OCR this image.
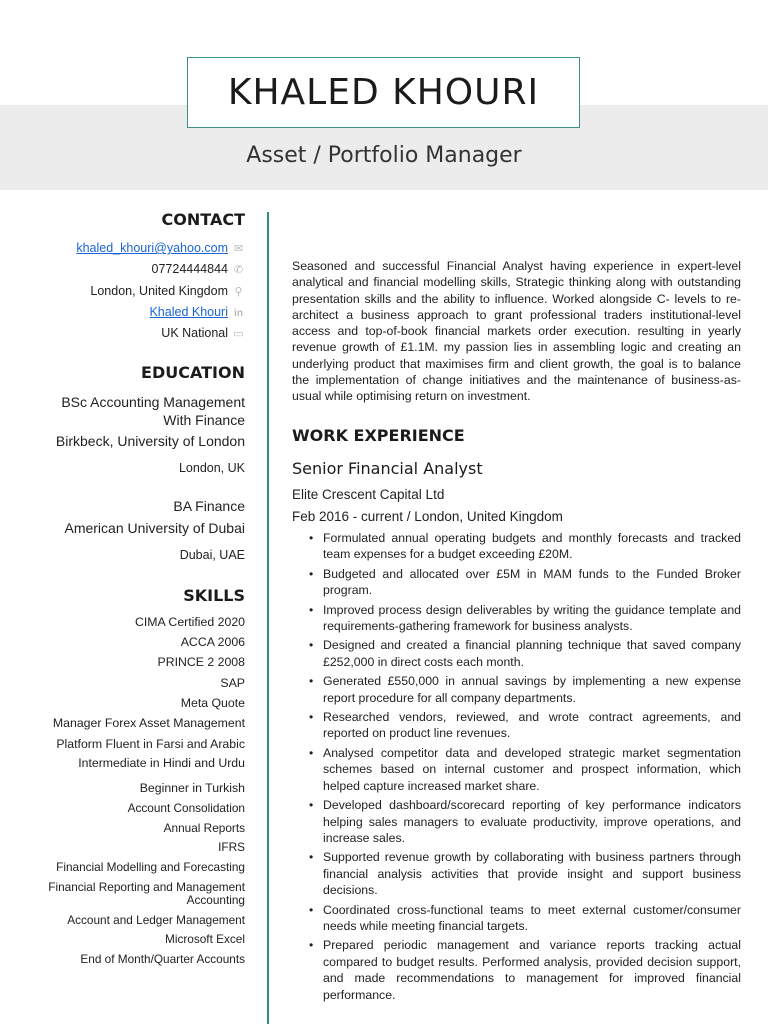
KHALED KHOURI
Asset / Portfolio Manager
CONTACT
khaled_khouri@yahoo.com ✉
07724444844 ✆
London, United Kingdom ⚲
Khaled Khouri in
UK National ▭
EDUCATION
BSc Accounting Management
With Finance
Birkbeck, University of London
London, UK
BA Finance
American University of Dubai
Dubai, UAE
SKILLS
CIMA Certified 2020
ACCA 2006
PRINCE 2 2008
SAP
Meta Quote
Manager Forex Asset Management
Platform Fluent in Farsi and Arabic
Intermediate in Hindi and Urdu
Beginner in Turkish
Account Consolidation
Annual Reports
IFRS
Financial Modelling and Forecasting
Financial Reporting and Management
Accounting
Account and Ledger Management
Microsoft Excel
End of Month/Quarter Accounts
Seasoned and successful Financial Analyst having experience in expert-level analytical and financial modelling skills, Strategic thinking along with outstanding presentation skills and the ability to influence. Worked alongside C- levels to re-architect a business approach to grant professional traders institutional-level access and top-of-book financial markets order execution. resulting in yearly revenue growth of £1.1M. my passion lies in assembling logic and creating an underlying product that maximises firm and client growth, the goal is to balance the implementation of change initiatives and the maintenance of business-as-usual while optimising return on investment.
WORK EXPERIENCE
Senior Financial Analyst
Elite Crescent Capital Ltd
Feb 2016 - current / London, United Kingdom
• Formulated annual operating budgets and monthly forecasts and tracked team expenses for a budget exceeding £20M.
• Budgeted and allocated over £5M in MAM funds to the Funded Broker program.
• Improved process design deliverables by writing the guidance template and requirements-gathering framework for business analysts.
• Designed and created a financial planning technique that saved company £252,000 in direct costs each month.
• Generated £550,000 in annual savings by implementing a new expense report procedure for all company departments.
• Researched vendors, reviewed, and wrote contract agreements, and reported on product line revenues.
• Analysed competitor data and developed strategic market segmentation schemes based on internal customer and prospect information, which helped capture increased market share.
• Developed dashboard/scorecard reporting of key performance indicators helping sales managers to evaluate productivity, improve operations, and increase sales.
• Supported revenue growth by collaborating with business partners through financial analysis activities that provide insight and support business decisions.
• Coordinated cross-functional teams to meet external customer/consumer needs while meeting financial targets.
• Prepared periodic management and variance reports tracking actual compared to budget results. Performed analysis, provided decision support, and made recommendations to management for improved financial performance.
